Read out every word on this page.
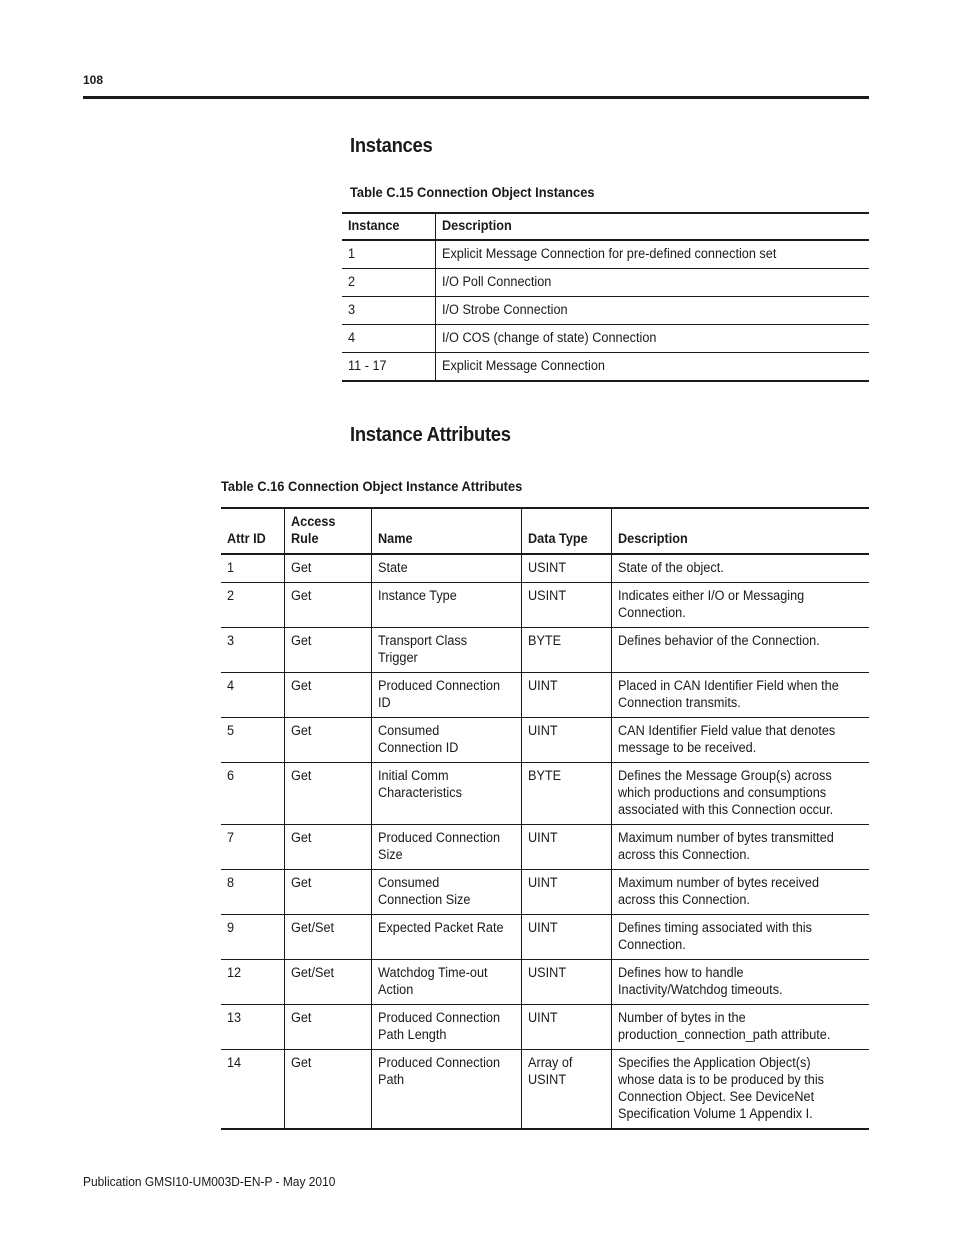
108
Instances
Table C.15 Connection Object Instances
Instance	Description

1	Explicit Message Connection for pre-defined connection set

2	I/O Poll Connection

3	I/O Strobe Connection

4	I/O COS (change of state) Connection

11 - 17	Explicit Message Connection
Instance Attributes
Table C.16 Connection Object Instance Attributes
Attr ID	Access Rule	Name	Data Type	Description

1	Get	State	USINT	State of the object.

2	Get	Instance Type	USINT	Indicates either I/O or Messaging Connection.

3	Get	Transport Class Trigger	BYTE	Defines behavior of the Connection.

4	Get	Produced Connection ID	UINT	Placed in CAN Identifier Field when the Connection transmits.

5	Get	Consumed Connection ID	UINT	CAN Identifier Field value that denotes message to be received.

6	Get	Initial Comm Characteristics	BYTE	Defines the Message Group(s) across which productions and consumptions associated with this Connection occur.

7	Get	Produced Connection Size	UINT	Maximum number of bytes transmitted across this Connection.

8	Get	Consumed Connection Size	UINT	Maximum number of bytes received across this Connection.

9	Get/Set	Expected Packet Rate	UINT	Defines timing associated with this Connection.

12	Get/Set	Watchdog Time-out Action	USINT	Defines how to handle Inactivity/Watchdog timeouts.

13	Get	Produced Connection Path Length	UINT	Number of bytes in the production_connection_path attribute.

14	Get	Produced Connection Path	Array of USINT	Specifies the Application Object(s) whose data is to be produced by this Connection Object. See DeviceNet Specification Volume 1 Appendix I.
Publication GMSI10-UM003D-EN-P - May 2010
